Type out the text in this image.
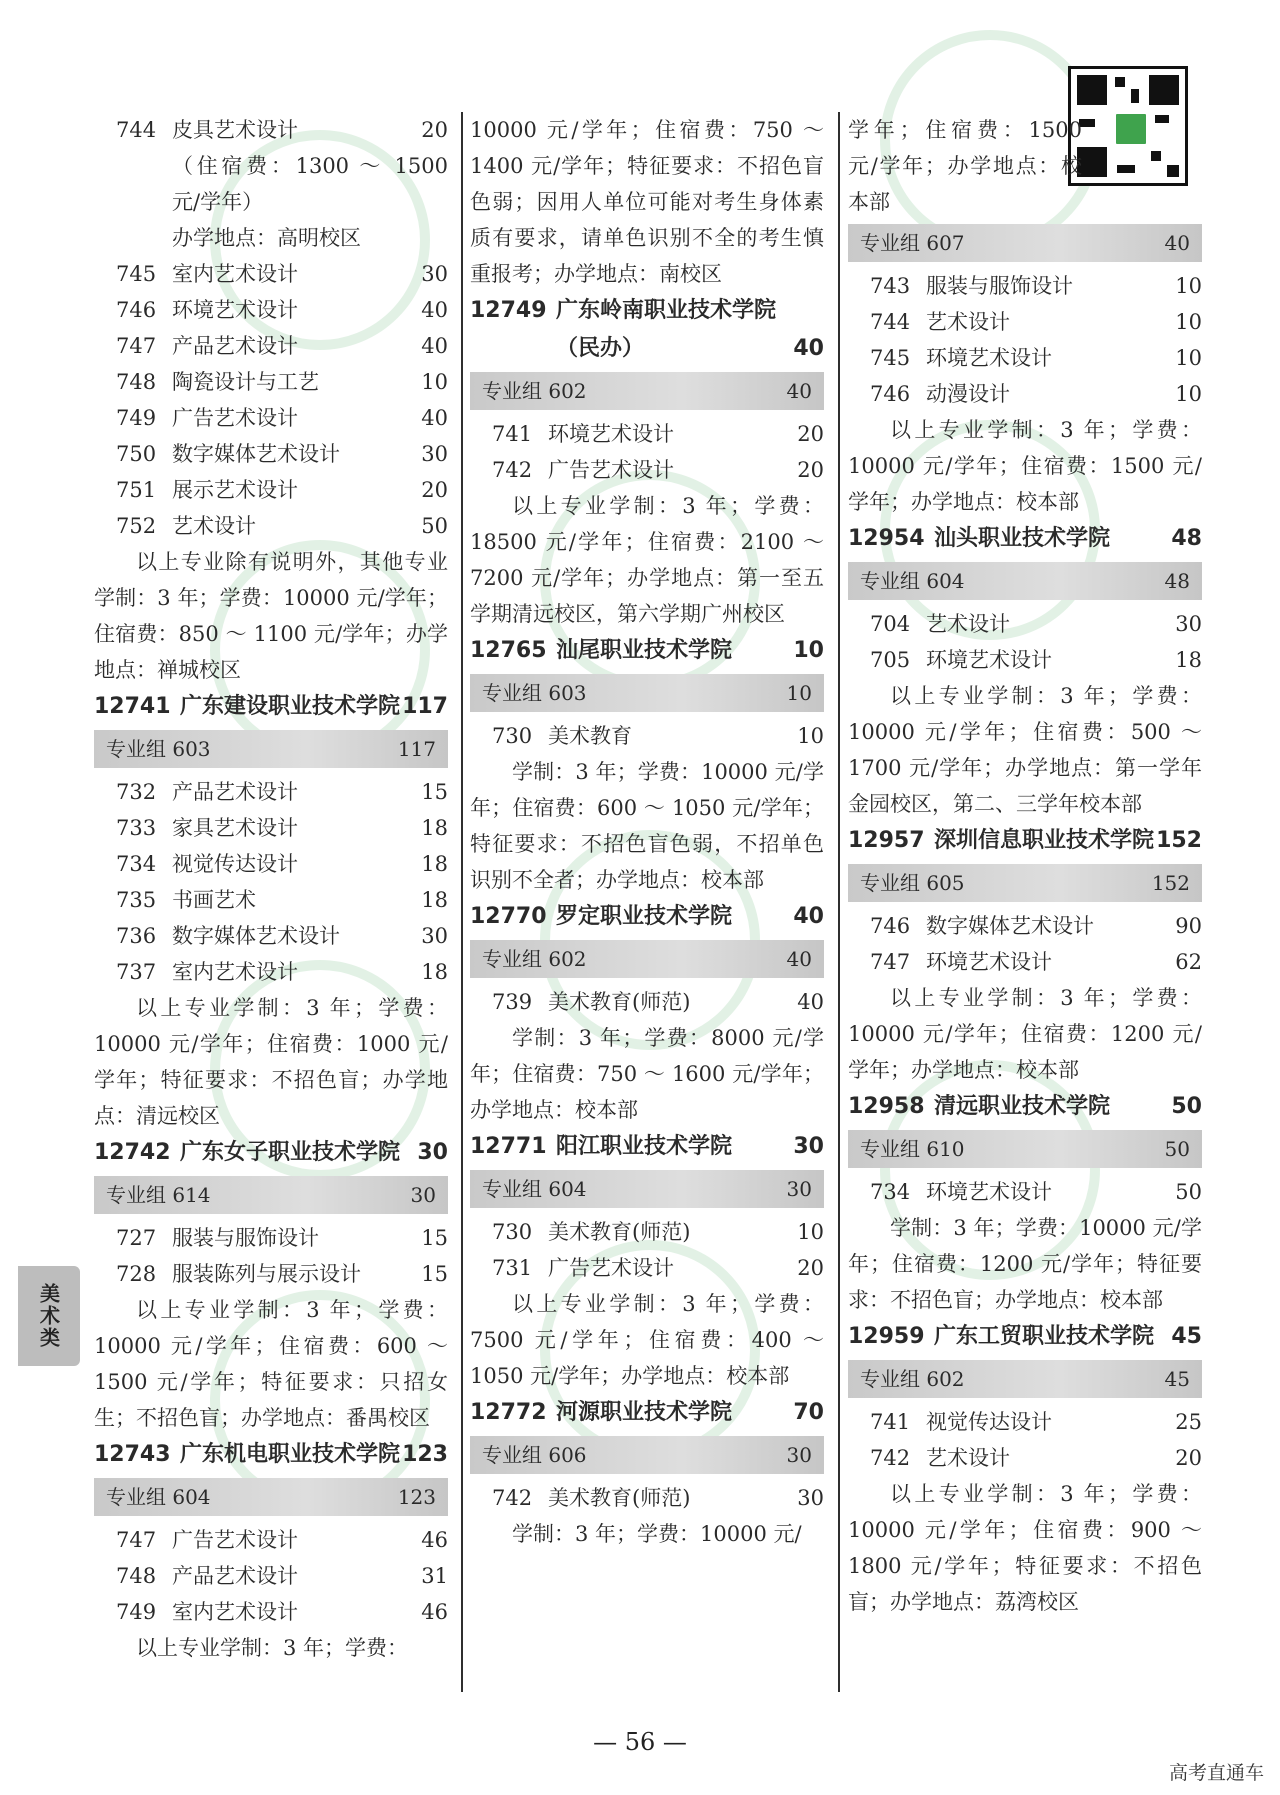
744 皮具艺术设计	20
（住宿费：1300 ～ 1500 元/学年）
办学地点：高明校区
745 室内艺术设计	30
746 环境艺术设计	40
747 产品艺术设计	40
748 陶瓷设计与工艺	10
749 广告艺术设计	40
750 数字媒体艺术设计	30
751 展示艺术设计	20
752 艺术设计	50
以上专业除有说明外，其他专业学制：3 年；学费：10000 元/学年；住宿费：850 ～ 1100 元/学年；办学地点：禅城校区
12741 广东建设职业技术学院 117
专业组 603	117
732 产品艺术设计	15
733 家具艺术设计	18
734 视觉传达设计	18
735 书画艺术	18
736 数字媒体艺术设计	30
737 室内艺术设计	18
以上专业学制：3 年；学费：10000 元/学年；住宿费：1000 元/学年；特征要求：不招色盲；办学地点：清远校区
12742 广东女子职业技术学院 30
专业组 614	30
727 服装与服饰设计	15
728 服装陈列与展示设计	15
以上专业学制：3 年；学费：10000 元/学年；住宿费：600 ～ 1500 元/学年；特征要求：只招女生；不招色盲；办学地点：番禺校区
12743 广东机电职业技术学院 123
专业组 604	123
747 广告艺术设计	46
748 产品艺术设计	31
749 室内艺术设计	46
以上专业学制：3 年；学费：
10000 元/学年；住宿费：750 ～ 1400 元/学年；特征要求：不招色盲色弱；因用人单位可能对考生身体素质有要求，请单色识别不全的考生慎重报考；办学地点：南校区
12749 广东岭南职业技术学院
（民办）	40
专业组 602	40
741 环境艺术设计	20
742 广告艺术设计	20
以上专业学制：3 年；学费：18500 元/学年；住宿费：2100 ～ 7200 元/学年；办学地点：第一至五学期清远校区，第六学期广州校区
12765 汕尾职业技术学院	10
专业组 603	10
730 美术教育	10
学制：3 年；学费：10000 元/学年；住宿费：600 ～ 1050 元/学年；特征要求：不招色盲色弱，不招单色识别不全者；办学地点：校本部
12770 罗定职业技术学院	40
专业组 602	40
739 美术教育(师范)	40
学制：3 年；学费：8000 元/学年；住宿费：750 ～ 1600 元/学年；办学地点：校本部
12771 阳江职业技术学院	30
专业组 604	30
730 美术教育(师范)	10
731 广告艺术设计	20
以上专业学制：3 年；学费：7500 元/学年；住宿费：400 ～ 1050 元/学年；办学地点：校本部
12772 河源职业技术学院	70
专业组 606	30
742 美术教育(师范)	30
学制：3 年；学费：10000 元/
学年；住宿费：1500 元/学年；办学地点：校本部
专业组 607	40
743 服装与服饰设计	10
744 艺术设计	10
745 环境艺术设计	10
746 动漫设计	10
以上专业学制：3 年；学费：10000 元/学年；住宿费：1500 元/学年；办学地点：校本部
12954 汕头职业技术学院	48
专业组 604	48
704 艺术设计	30
705 环境艺术设计	18
以上专业学制：3 年；学费：10000 元/学年；住宿费：500 ～ 1700 元/学年；办学地点：第一学年金园校区，第二、三学年校本部
12957 深圳信息职业技术学院 152
专业组 605	152
746 数字媒体艺术设计	90
747 环境艺术设计	62
以上专业学制：3 年；学费：10000 元/学年；住宿费：1200 元/学年；办学地点：校本部
12958 清远职业技术学院	50
专业组 610	50
734 环境艺术设计	50
学制：3 年；学费：10000 元/学年；住宿费：1200 元/学年；特征要求：不招色盲；办学地点：校本部
12959 广东工贸职业技术学院 45
专业组 602	45
741 视觉传达设计	25
742 艺术设计	20
以上专业学制：3 年；学费：10000 元/学年；住宿费：900 ～ 1800 元/学年；特征要求：不招色盲；办学地点：荔湾校区
美术类
— 56 —
高考直通车
